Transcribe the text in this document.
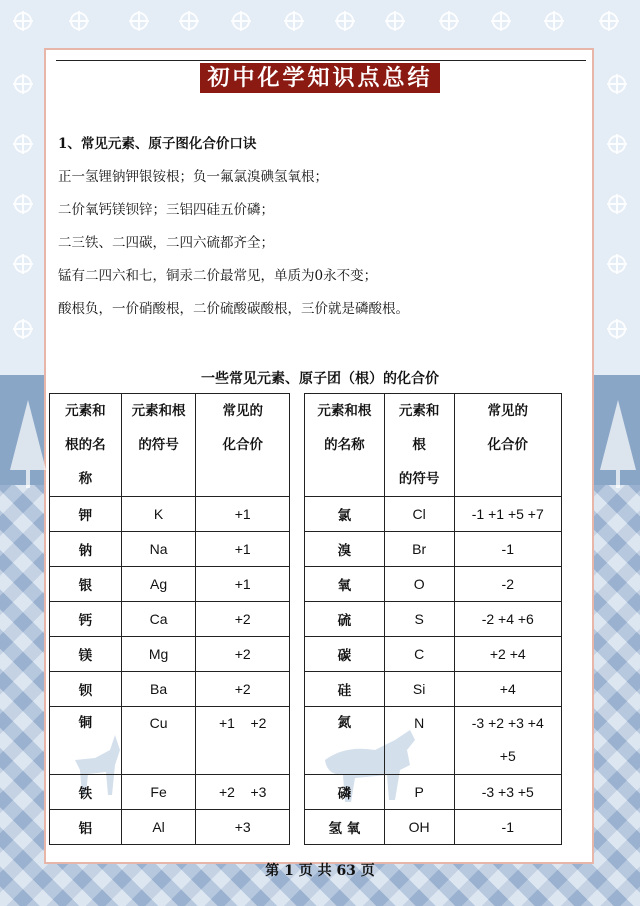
初中化学知识点总结
1、常见元素、原子图化合价口诀
正一氢锂钠钾银铵根；负一氟氯溴碘氢氧根；
二价氧钙镁钡锌；三铝四硅五价磷；
二三铁、二四碳，二四六硫都齐全；
锰有二四六和七，铜汞二价最常见，单质为0永不变；
酸根负，一价硝酸根，二价硫酸碳酸根，三价就是磷酸根。
一些常见元素、原子团（根）的化合价
元素和
根的名
称	元素和根
的符号	常见的
化合价

钾	K	+1
钠	Na	+1
银	Ag	+1
钙	Ca	+2
镁	Mg	+2
钡	Ba	+2
铜	Cu	+1    +2
铁	Fe	+2    +3
铝	Al	+3
元素和根
的名称	元素和
根
的符号	常见的
化合价

氯	Cl	-1 +1 +5 +7
溴	Br	-1
氧	O	-2
硫	S	-2 +4 +6
碳	C	+2 +4
硅	Si	+4
氮	N	-3 +2 +3 +4
+5

磷	P	-3 +3 +5
氢 氧	OH	-1
第 1 页 共 63 页
